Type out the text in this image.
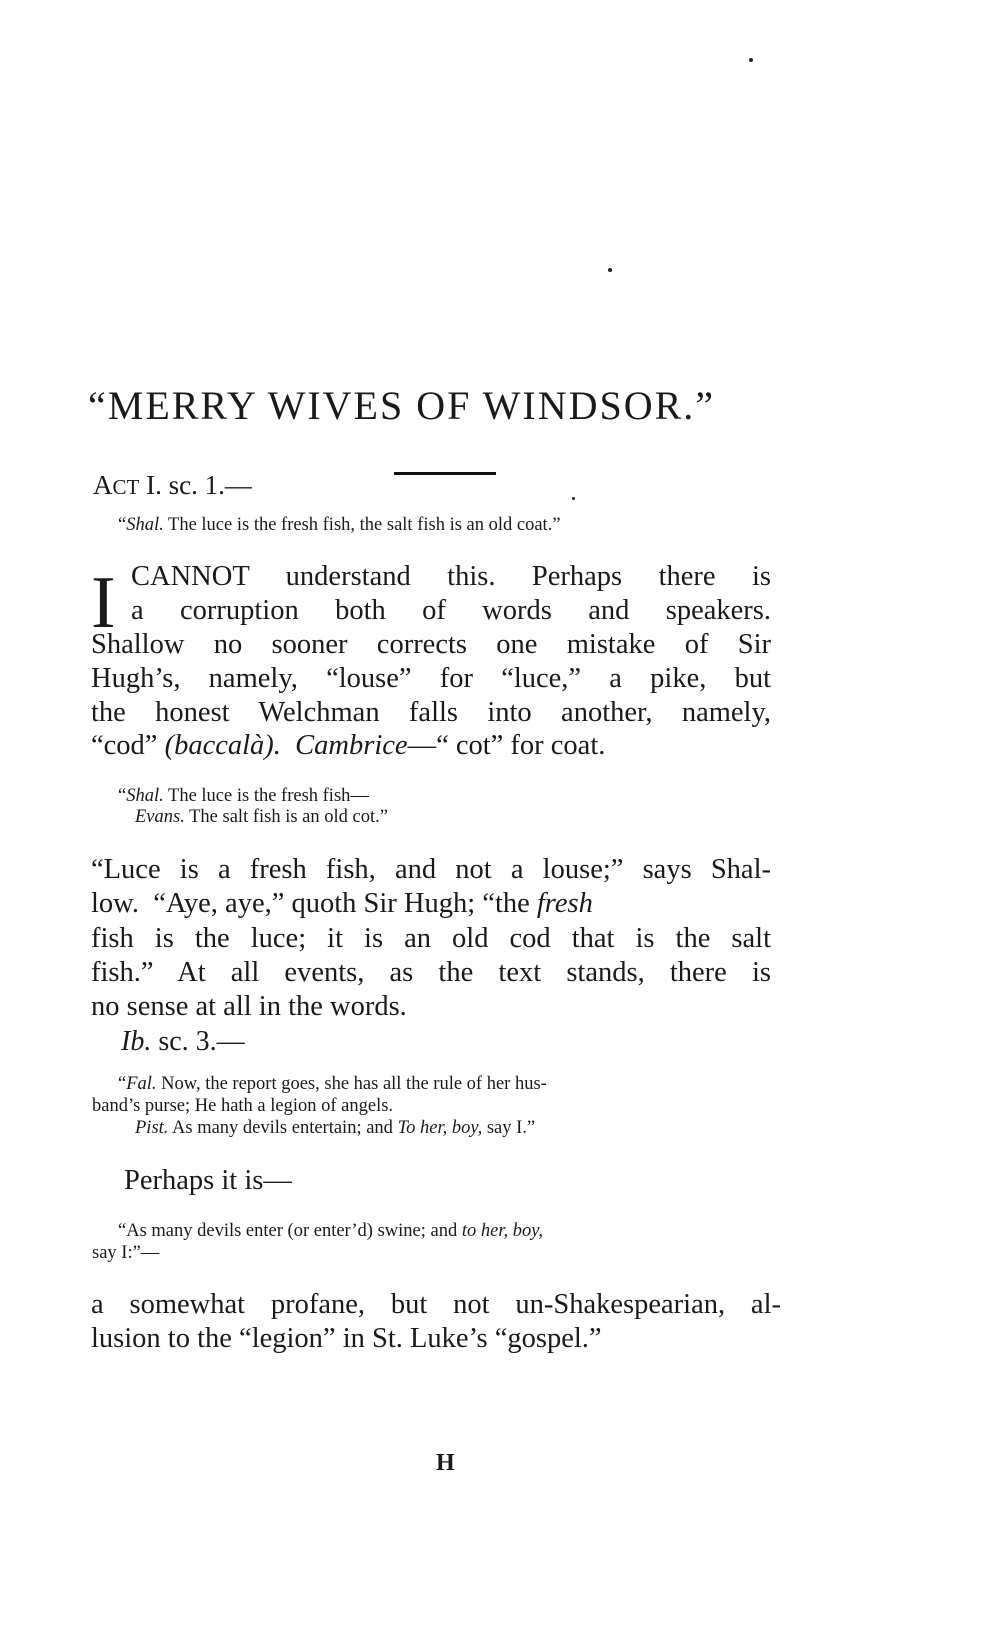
“MERRY WIVES OF WINDSOR.”
ACT I. sc. 1.—
“Shal. The luce is the fresh fish, the salt fish is an old coat.”
I CANNOT understand this. Perhaps there is
a corruption both of words and speakers.
Shallow no sooner corrects one mistake of Sir
Hugh’s, namely, “louse” for “luce,” a pike, but
the honest Welchman falls into another, namely,
“cod” (baccalà). Cambrice—“ cot” for coat.
“Shal. The luce is the fresh fish—
Evans. The salt fish is an old cot.”
“Luce is a fresh fish, and not a louse;” says Shal-
low.  “Aye, aye,” quoth Sir Hugh; “the fresh
fish is the luce; it is an old cod that is the salt
fish.” At all events, as the text stands, there is
no sense at all in the words.
Ib. sc. 3.—
“Fal. Now, the report goes, she has all the rule of her hus-
band’s purse; He hath a legion of angels.
Pist. As many devils entertain; and To her, boy, say I.”
Perhaps it is—
“As many devils enter (or enter’d) swine; and to her, boy,
say I:”—
a somewhat profane, but not un-Shakespearian, al-
lusion to the “legion” in St. Luke’s “gospel.”
H
